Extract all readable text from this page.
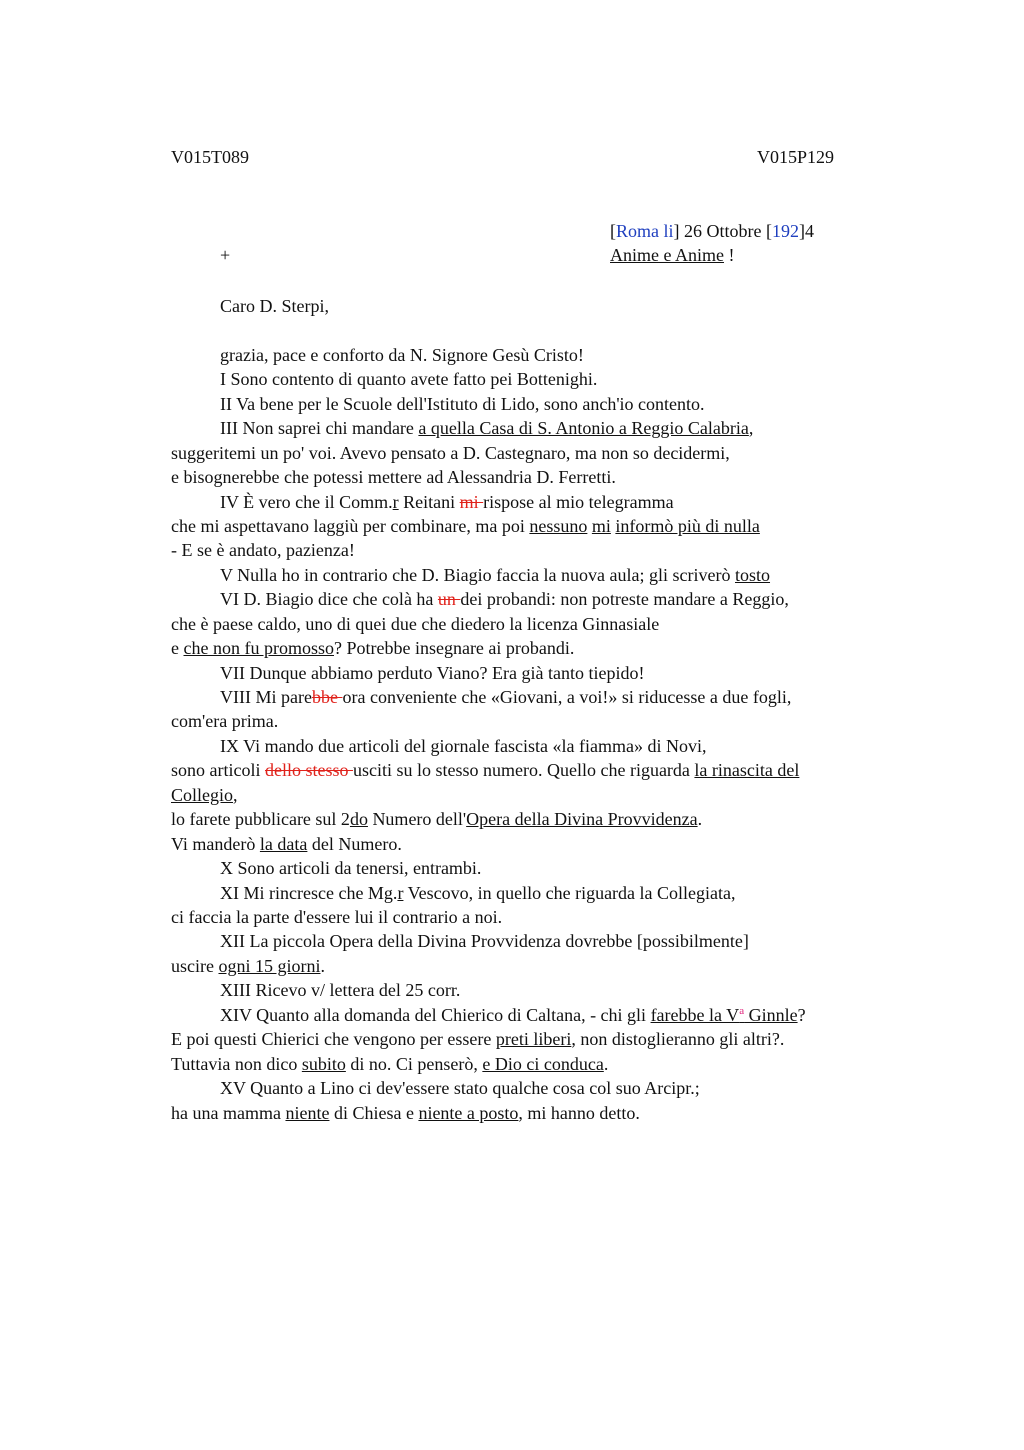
V015T089	V015P129
[Roma li] 26 Ottobre [192]4
+	Anime e Anime !
Caro D. Sterpi,
grazia, pace e conforto da N. Signore Gesù Cristo!
I Sono contento di quanto avete fatto pei Bottenighi.
II Va bene per le Scuole dell'Istituto di Lido, sono anch'io contento.
III Non saprei chi mandare a quella Casa di S. Antonio a Reggio Calabria,
suggeritemi un po' voi. Avevo pensato a D. Castegnaro, ma non so decidermi,
e bisognerebbe che potessi mettere ad Alessandria D. Ferretti.
IV È vero che il Comm.r Reitani mi rispose al mio telegramma
che mi aspettavano laggiù per combinare, ma poi nessuno mi informò più di nulla
- E se è andato, pazienza!
V Nulla ho in contrario che D. Biagio faccia la nuova aula; gli scriverò tosto
VI D. Biagio dice che colà ha un dei probandi: non potreste mandare a Reggio,
che è paese caldo, uno di quei due che diedero la licenza Ginnasiale
e che non fu promosso? Potrebbe insegnare ai probandi.
VII Dunque abbiamo perduto Viano? Era già tanto tiepido!
VIII Mi parebbe ora conveniente che «Giovani, a voi!» si riducesse a due fogli,
com'era prima.
IX Vi mando due articoli del giornale fascista «la fiamma» di Novi,
sono articoli dello stesso usciti su lo stesso numero. Quello che riguarda la rinascita del
Collegio,
lo farete pubblicare sul 2do Numero dell'Opera della Divina Provvidenza.
Vi manderò la data del Numero.
X Sono articoli da tenersi, entrambi.
XI Mi rincresce che Mg.r Vescovo, in quello che riguarda la Collegiata,
ci faccia la parte d'essere lui il contrario a noi.
XII La piccola Opera della Divina Provvidenza dovrebbe [possibilmente]
uscire ogni 15 giorni.
XIII Ricevo v/ lettera del 25 corr.
XIV Quanto alla domanda del Chierico di Caltana, - chi gli farebbe la $V^a$ Ginnle?
E poi questi Chierici che vengono per essere preti liberi, non distoglieranno gli altri?.
Tuttavia non dico subito di no. Ci penserò, e Dio ci conduca.
XV Quanto a Lino ci dev'essere stato qualche cosa col suo Arcipr.;
ha una mamma niente di Chiesa e niente a posto, mi hanno detto.
